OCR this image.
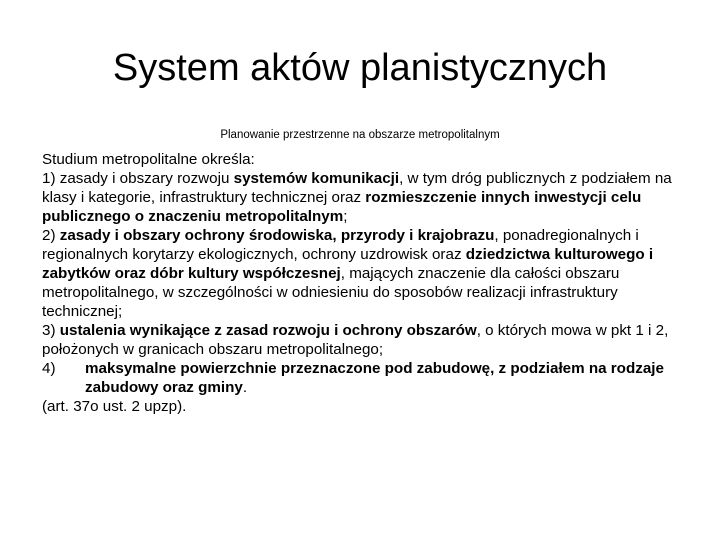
System aktów planistycznych

Planowanie przestrzenne na obszarze metropolitalnym

Studium metropolitalne określa:

1) zasady i obszary rozwoju systemów komunikacji, w tym dróg publicznych z podziałem na klasy i kategorie, infrastruktury technicznej oraz rozmieszczenie innych inwestycji celu publicznego o znaczeniu metropolitalnym;

2) zasady i obszary ochrony środowiska, przyrody i krajobrazu, ponadregionalnych i regionalnych korytarzy ekologicznych, ochrony uzdrowisk oraz dziedzictwa kulturowego i zabytków oraz dóbr kultury współczesnej, mających znaczenie dla całości obszaru metropolitalnego, w szczególności w odniesieniu do sposobów realizacji infrastruktury technicznej;

3) ustalenia wynikające z zasad rozwoju i ochrony obszarów, o których mowa w pkt 1 i 2, położonych w granicach obszaru metropolitalnego;

4)	maksymalne powierzchnie przeznaczone pod zabudowę, z podziałem na rodzaje zabudowy oraz gminy.

(art. 37o ust. 2 upzp).
